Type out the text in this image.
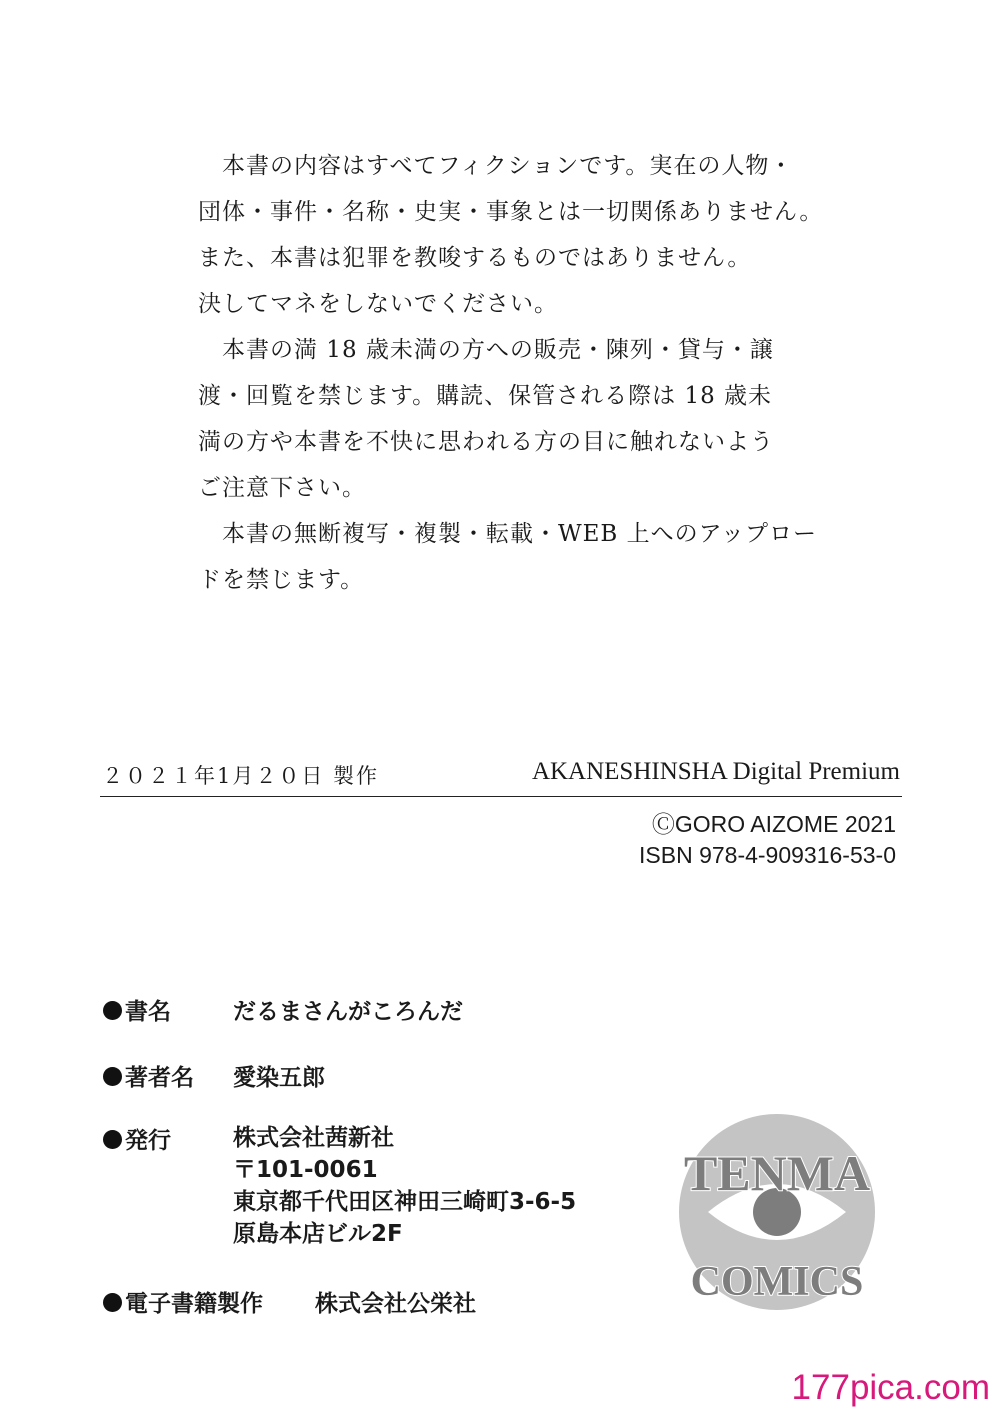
　本書の内容はすべてフィクションです。実在の人物・
団体・事件・名称・史実・事象とは一切関係ありません。
また、本書は犯罪を教唆するものではありません。
決してマネをしないでください。
　本書の満 18 歳未満の方への販売・陳列・貸与・譲
渡・回覧を禁じます。購読、保管される際は 18 歳未
満の方や本書を不快に思われる方の目に触れないよう
ご注意下さい。
　本書の無断複写・複製・転載・WEB 上へのアップロー
ドを禁じます。
２０２１年1月２０日 製作	AKANESHINSHA Digital Premium
ⒸGORO AIZOME 2021
ISBN 978-4-909316-53-0
書名	だるまさんがころんだ
著者名 愛染五郎
発行	株式会社茜新社
〒101-0061
東京都千代田区神田三崎町3-6-5
原島本店ビル2F
電子書籍製作 株式会社公栄社
TENMA
COMICS
177pica.com
